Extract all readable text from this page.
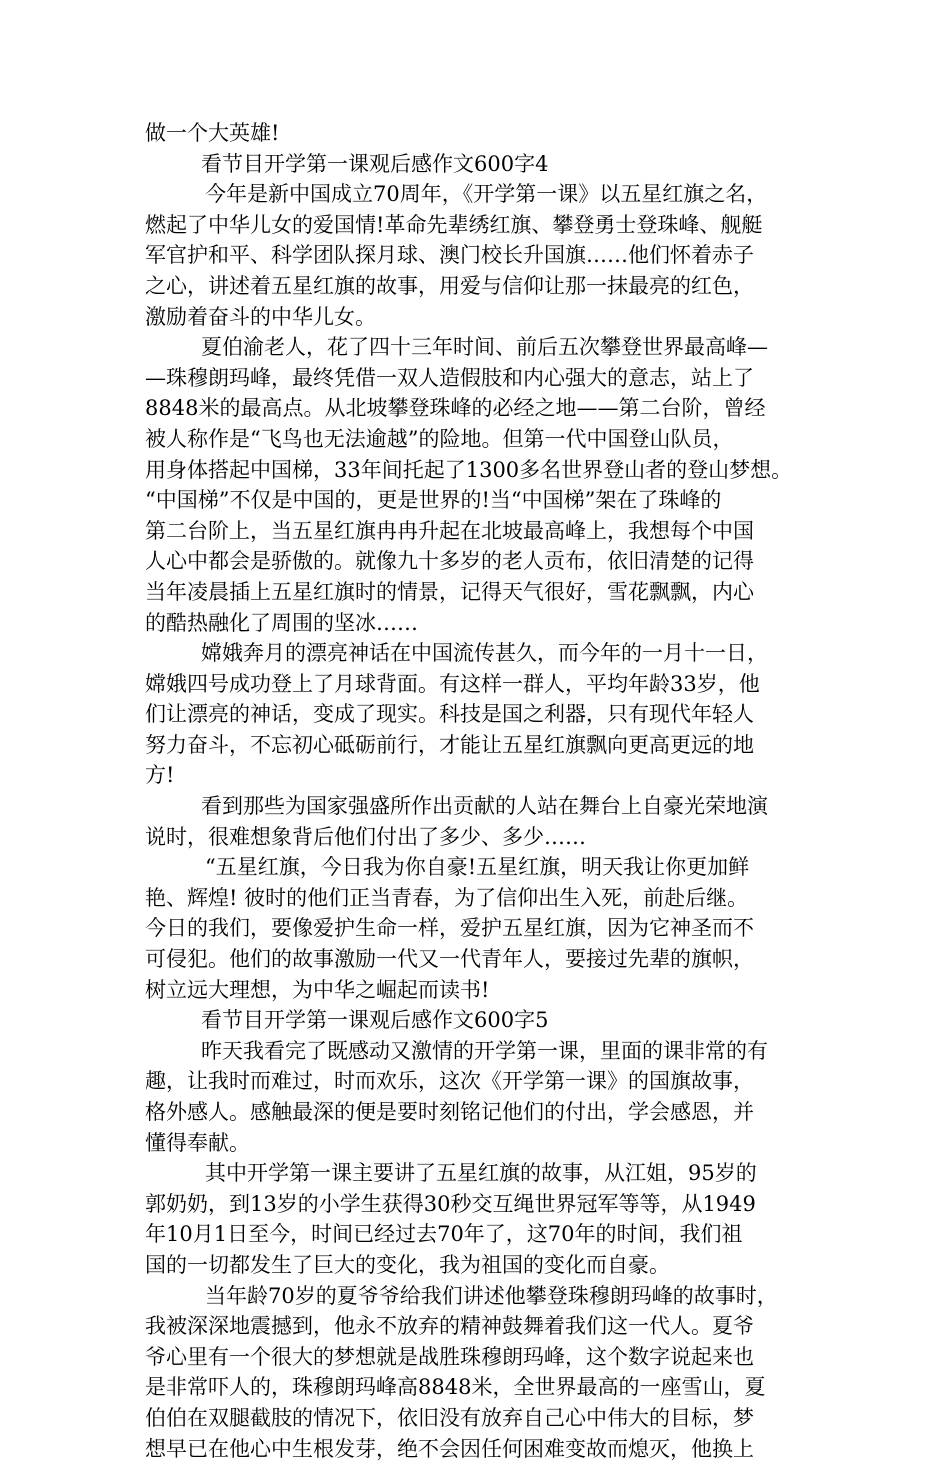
做一个大英雄!
看节目开学第一课观后感作文600字4
今年是新中国成立70周年，《开学第一课》以五星红旗之名，
燃起了中华儿女的爱国情!革命先辈绣红旗、攀登勇士登珠峰、舰艇
军官护和平、科学团队探月球、澳门校长升国旗……他们怀着赤子
之心，讲述着五星红旗的故事，用爱与信仰让那一抹最亮的红色，
激励着奋斗的中华儿女。
夏伯渝老人，花了四十三年时间、前后五次攀登世界最高峰—
—珠穆朗玛峰，最终凭借一双人造假肢和内心强大的意志，站上了
8848米的最高点。从北坡攀登珠峰的必经之地——第二台阶，曾经
被人称作是“飞鸟也无法逾越”的险地。但第一代中国登山队员，
用身体搭起中国梯，33年间托起了1300多名世界登山者的登山梦想。
“中国梯”不仅是中国的，更是世界的!当“中国梯”架在了珠峰的
第二台阶上，当五星红旗冉冉升起在北坡最高峰上，我想每个中国
人心中都会是骄傲的。就像九十多岁的老人贡布，依旧清楚的记得
当年凌晨插上五星红旗时的情景，记得天气很好，雪花飘飘，内心
的酷热融化了周围的坚冰……
嫦娥奔月的漂亮神话在中国流传甚久，而今年的一月十一日，
嫦娥四号成功登上了月球背面。有这样一群人，平均年龄33岁，他
们让漂亮的神话，变成了现实。科技是国之利器，只有现代年轻人
努力奋斗，不忘初心砥砺前行，才能让五星红旗飘向更高更远的地
方!
看到那些为国家强盛所作出贡献的人站在舞台上自豪光荣地演
说时，很难想象背后他们付出了多少、多少……
“五星红旗，今日我为你自豪!五星红旗，明天我让你更加鲜
艳、辉煌! 彼时的他们正当青春，为了信仰出生入死，前赴后继。
今日的我们，要像爱护生命一样，爱护五星红旗，因为它神圣而不
可侵犯。他们的故事激励一代又一代青年人，要接过先辈的旗帜，
树立远大理想，为中华之崛起而读书!
看节目开学第一课观后感作文600字5
昨天我看完了既感动又激情的开学第一课，里面的课非常的有
趣，让我时而难过，时而欢乐，这次《开学第一课》的国旗故事，
格外感人。感触最深的便是要时刻铭记他们的付出，学会感恩，并
懂得奉献。
其中开学第一课主要讲了五星红旗的故事，从江姐，95岁的
郭奶奶，到13岁的小学生获得30秒交互绳世界冠军等等，从1949
年10月1日至今，时间已经过去70年了，这70年的时间，我们祖
国的一切都发生了巨大的变化，我为祖国的变化而自豪。
当年龄70岁的夏爷爷给我们讲述他攀登珠穆朗玛峰的故事时，
我被深深地震撼到，他永不放弃的精神鼓舞着我们这一代人。夏爷
爷心里有一个很大的梦想就是战胜珠穆朗玛峰，这个数字说起来也
是非常吓人的，珠穆朗玛峰高8848米，全世界最高的一座雪山，夏
伯伯在双腿截肢的情况下，依旧没有放弃自己心中伟大的目标，梦
想早已在他心中生根发芽，绝不会因任何困难变故而熄灭，他换上
